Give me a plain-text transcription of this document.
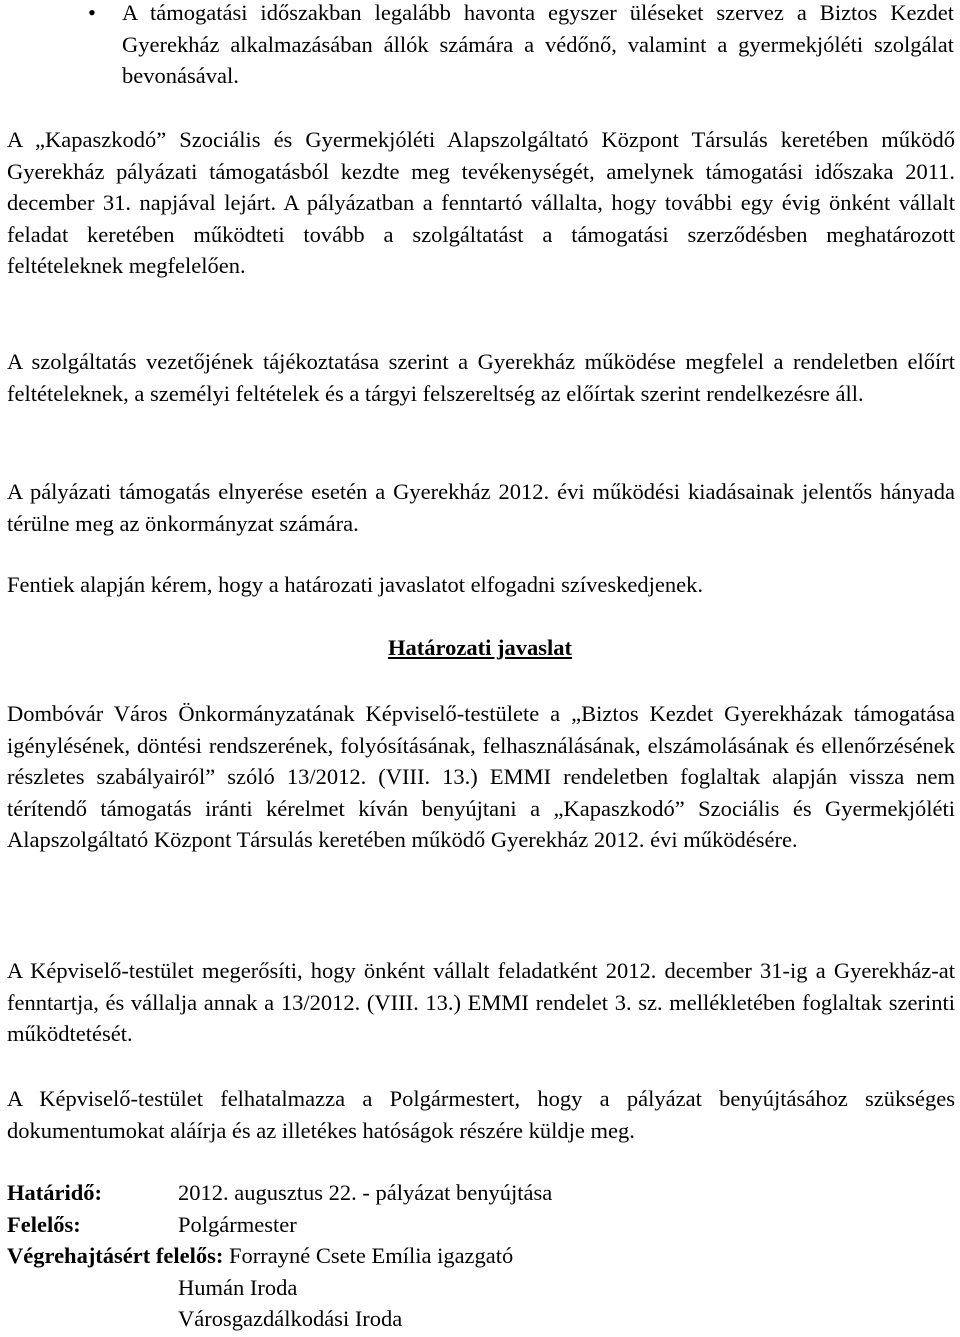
• A támogatási időszakban legalább havonta egyszer üléseket szervez a Biztos Kezdet Gyerekház alkalmazásában állók számára a védőnő, valamint a gyermekjóléti szolgálat bevonásával.

A „Kapaszkodó” Szociális és Gyermekjóléti Alapszolgáltató Központ Társulás keretében működő Gyerekház pályázati támogatásból kezdte meg tevékenységét, amelynek támogatási időszaka 2011. december 31. napjával lejárt. A pályázatban a fenntartó vállalta, hogy további egy évig önként vállalt feladat keretében működteti tovább a szolgáltatást a támogatási szerződésben meghatározott feltételeknek megfelelően.

A szolgáltatás vezetőjének tájékoztatása szerint a Gyerekház működése megfelel a rendeletben előírt feltételeknek, a személyi feltételek és a tárgyi felszereltség az előírtak szerint rendelkezésre áll.

A pályázati támogatás elnyerése esetén a Gyerekház 2012. évi működési kiadásainak jelentős hányada térülne meg az önkormányzat számára.

Fentiek alapján kérem, hogy a határozati javaslatot elfogadni szíveskedjenek.

Határozati javaslat

Dombóvár Város Önkormányzatának Képviselő-testülete a „Biztos Kezdet Gyerekházak támogatása igénylésének, döntési rendszerének, folyósításának, felhasználásának, elszámolásának és ellenőrzésének részletes szabályairól” szóló 13/2012. (VIII. 13.) EMMI rendeletben foglaltak alapján vissza nem térítendő támogatás iránti kérelmet kíván benyújtani a „Kapaszkodó” Szociális és Gyermekjóléti Alapszolgáltató Központ Társulás keretében működő Gyerekház 2012. évi működésére.

A Képviselő-testület megerősíti, hogy önként vállalt feladatként 2012. december 31-ig a Gyerekház-at fenntartja, és vállalja annak a 13/2012. (VIII. 13.) EMMI rendelet 3. sz. mellékletében foglaltak szerinti működtetését.

A Képviselő-testület felhatalmazza a Polgármestert, hogy a pályázat benyújtásához szükséges dokumentumokat aláírja és az illetékes hatóságok részére küldje meg.

Határidő:	2012. augusztus 22. - pályázat benyújtása
Felelős:	Polgármester
Végrehajtásért felelős: Forrayné Csete Emília igazgató
Humán Iroda
Városgazdálkodási Iroda
